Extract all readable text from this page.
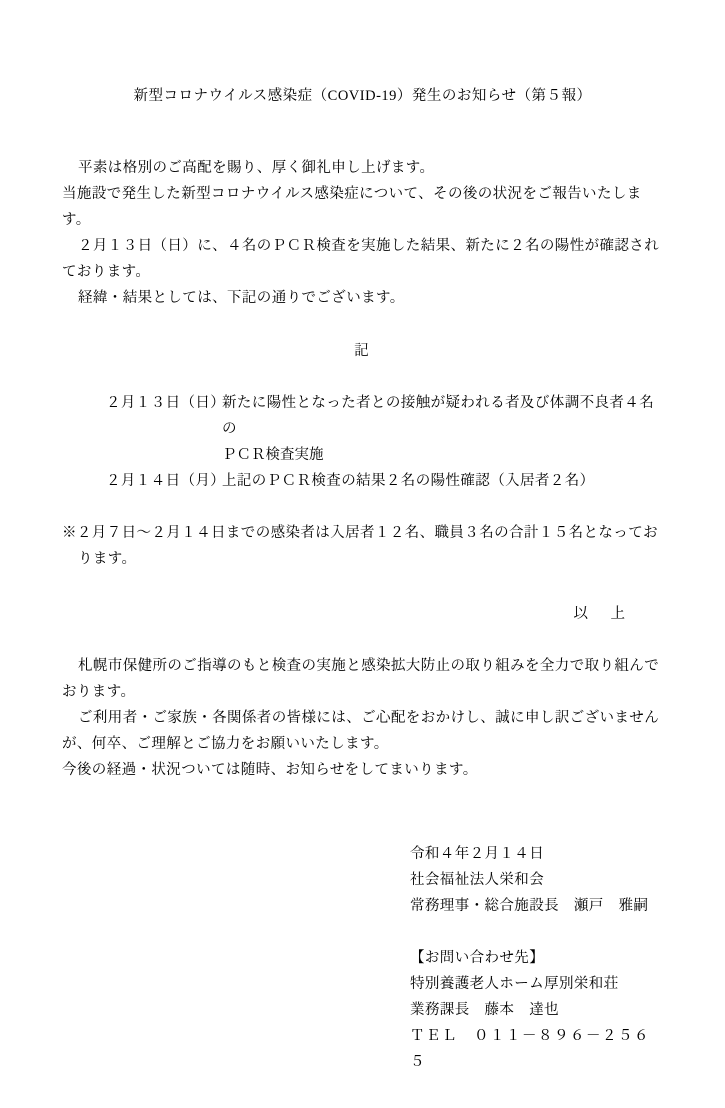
新型コロナウイルス感染症（COVID-19）発生のお知らせ（第５報）
平素は格別のご高配を賜り、厚く御礼申し上げます。
当施設で発生した新型コロナウイルス感染症について、その後の状況をご報告いたします。
２月１３日（日）に、４名のＰＣＲ検査を実施した結果、新たに２名の陽性が確認され
ております。
経緯・結果としては、下記の通りでございます。
記
２月１３日（日）
新たに陽性となった者との接触が疑われる者及び体調不良者４名の
ＰＣＲ検査実施
２月１４日（月）
上記のＰＣＲ検査の結果２名の陽性確認（入居者２名）
※２月７日～２月１４日までの感染者は入居者１２名、職員３名の合計１５名となってお
ります。
以　上
札幌市保健所のご指導のもと検査の実施と感染拡大防止の取り組みを全力で取り組んで
おります。
ご利用者・ご家族・各関係者の皆様には、ご心配をおかけし、誠に申し訳ございません
が、何卒、ご理解とご協力をお願いいたします。
今後の経過・状況ついては随時、お知らせをしてまいります。
令和４年２月１４日
社会福祉法人栄和会
常務理事・総合施設長　瀬戸　雅嗣
【お問い合わせ先】
特別養護老人ホーム厚別栄和荘
業務課長　藤本　達也
ＴＥＬ　０１１－８９６－２５６５
